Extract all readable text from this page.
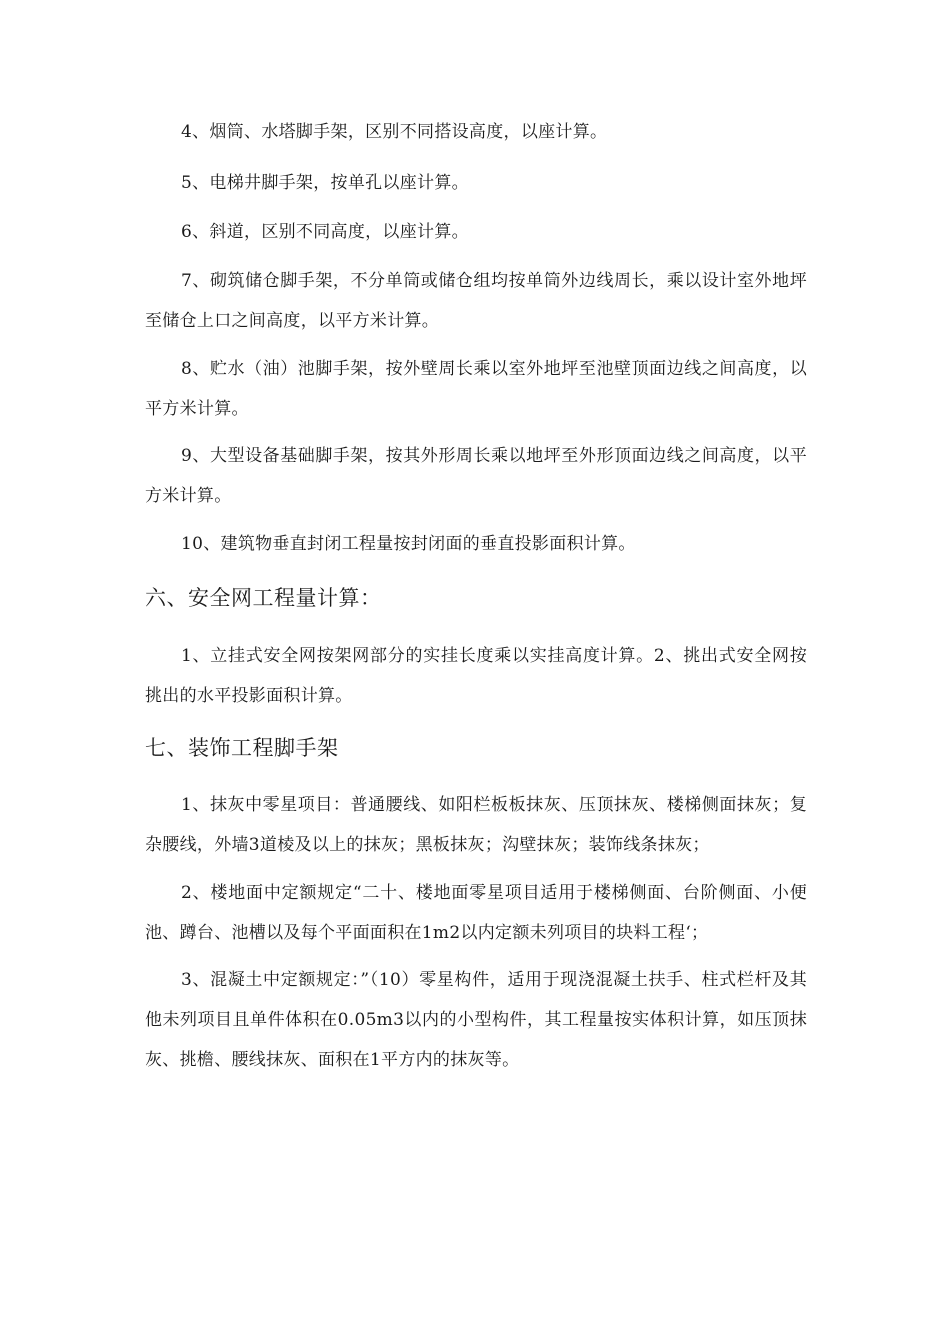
4、烟筒、水塔脚手架，区别不同搭设高度，以座计算。

5、电梯井脚手架，按单孔以座计算。

6、斜道，区别不同高度，以座计算。

7、砌筑储仓脚手架，不分单筒或储仓组均按单筒外边线周长，乘以设计室外地坪至储仓上口之间高度，以平方米计算。

8、贮水（油）池脚手架，按外壁周长乘以室外地坪至池壁顶面边线之间高度，以平方米计算。

9、大型设备基础脚手架，按其外形周长乘以地坪至外形顶面边线之间高度，以平方米计算。

10、建筑物垂直封闭工程量按封闭面的垂直投影面积计算。

六、安全网工程量计算：

1、立挂式安全网按架网部分的实挂长度乘以实挂高度计算。2、挑出式安全网按挑出的水平投影面积计算。

七、装饰工程脚手架

1、抹灰中零星项目：普通腰线、如阳栏板板抹灰、压顶抹灰、楼梯侧面抹灰；复杂腰线，外墙3道棱及以上的抹灰；黑板抹灰；沟壁抹灰；装饰线条抹灰；

2、楼地面中定额规定“二十、楼地面零星项目适用于楼梯侧面、台阶侧面、小便池、蹲台、池槽以及每个平面面积在1m2以内定额未列项目的块料工程‘；

3、混凝土中定额规定：”（10）零星构件，适用于现浇混凝土扶手、柱式栏杆及其他未列项目且单件体积在0.05m3以内的小型构件，其工程量按实体积计算，如压顶抹灰、挑檐、腰线抹灰、面积在1平方内的抹灰等。
